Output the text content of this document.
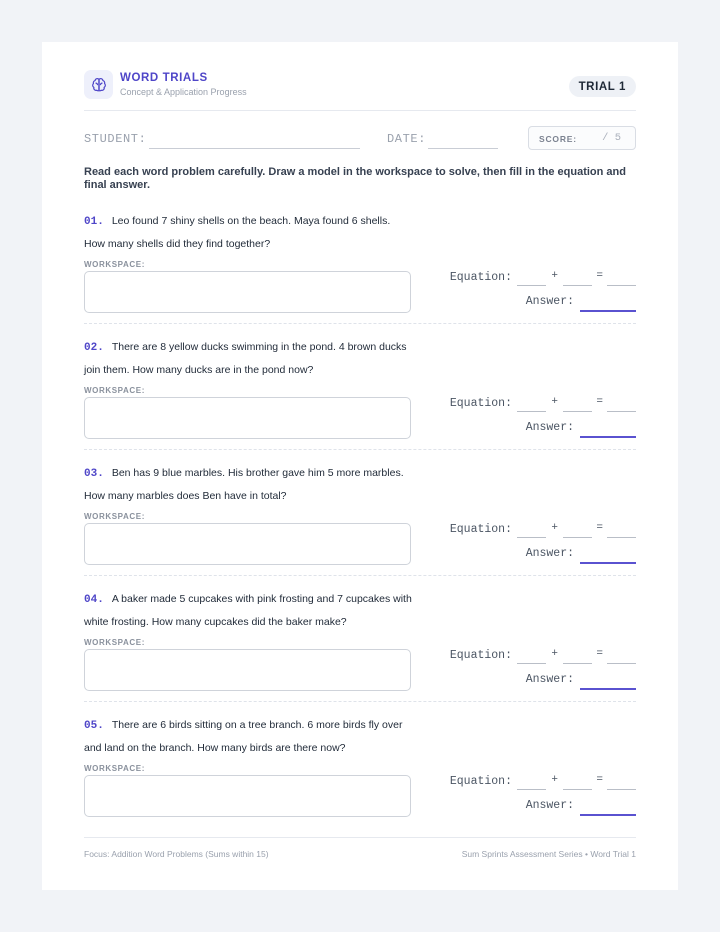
WORD TRIALS
Concept & Application Progress	TRIAL 1
STUDENT:	DATE:	SCORE: / 5
Read each word problem carefully. Draw a model in the workspace to solve, then fill in the equation and final answer.
01. Leo found 7 shiny shells on the beach. Maya found 6 shells. How many shells did they find together?
WORKSPACE:
Equation:	+	=
Answer:
02. There are 8 yellow ducks swimming in the pond. 4 brown ducks join them. How many ducks are in the pond now?
WORKSPACE:
Equation:	+	=
Answer:
03. Ben has 9 blue marbles. His brother gave him 5 more marbles. How many marbles does Ben have in total?
WORKSPACE:
Equation:	+	=
Answer:
04. A baker made 5 cupcakes with pink frosting and 7 cupcakes with white frosting. How many cupcakes did the baker make?
WORKSPACE:
Equation:	+	=
Answer:
05. There are 6 birds sitting on a tree branch. 6 more birds fly over and land on the branch. How many birds are there now?
WORKSPACE:
Equation:	+	=
Answer:
Focus: Addition Word Problems (Sums within 15)	Sum Sprints Assessment Series • Word Trial 1
